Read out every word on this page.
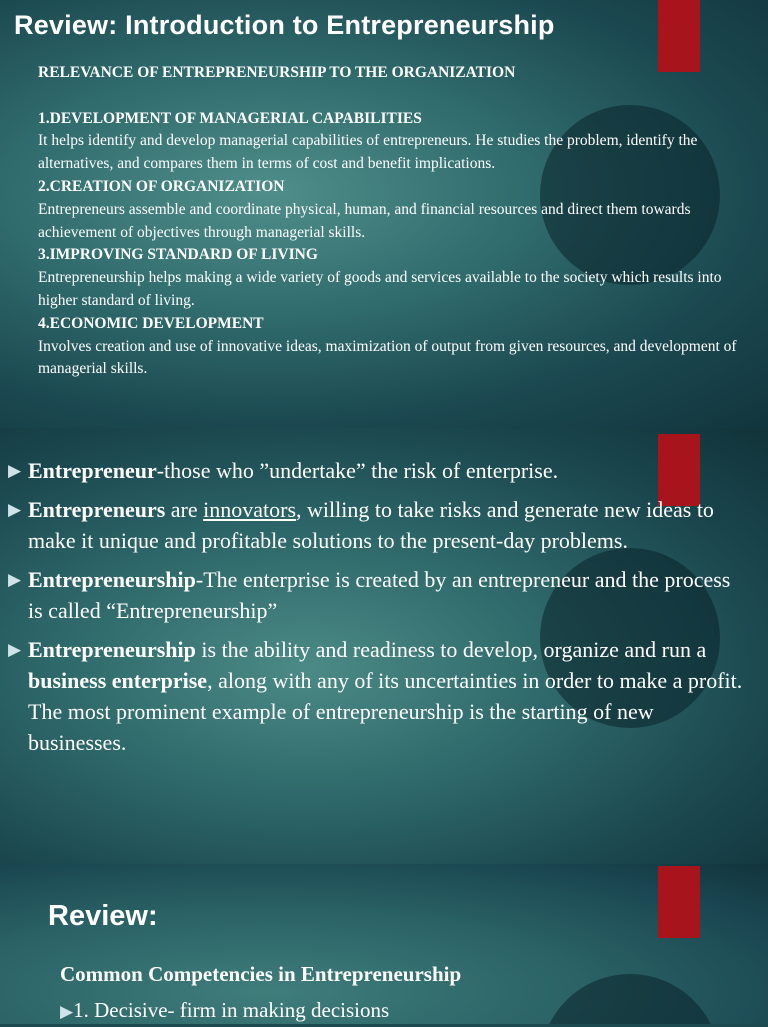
Review: Introduction to Entrepreneurship

RELEVANCE OF ENTREPRENEURSHIP TO THE ORGANIZATION

1.DEVELOPMENT OF MANAGERIAL CAPABILITIES

It helps identify and develop managerial capabilities of entrepreneurs. He studies the problem, identify the alternatives, and compares them in terms of cost and benefit implications.

2.CREATION OF ORGANIZATION

Entrepreneurs assemble and coordinate physical, human, and financial resources and direct them towards achievement of objectives through managerial skills.

3.IMPROVING STANDARD OF LIVING

Entrepreneurship helps making a wide variety of goods and services available to the society which results into higher standard of living.

4.ECONOMIC DEVELOPMENT

Involves creation and use of innovative ideas, maximization of output from given resources, and development of managerial skills.

▶ Entrepreneur-those who ”undertake” the risk of enterprise.
▶ Entrepreneurs are innovators, willing to take risks and generate new ideas to make it unique and profitable solutions to the present-day problems.
▶ Entrepreneurship-The enterprise is created by an entrepreneur and the process is called “Entrepreneurship”
▶ Entrepreneurship is the ability and readiness to develop, organize and run a business enterprise, along with any of its uncertainties in order to make a profit. The most prominent example of entrepreneurship is the starting of new businesses.
Review:

Common Competencies in Entrepreneurship

▶1. Decisive- firm in making decisions
